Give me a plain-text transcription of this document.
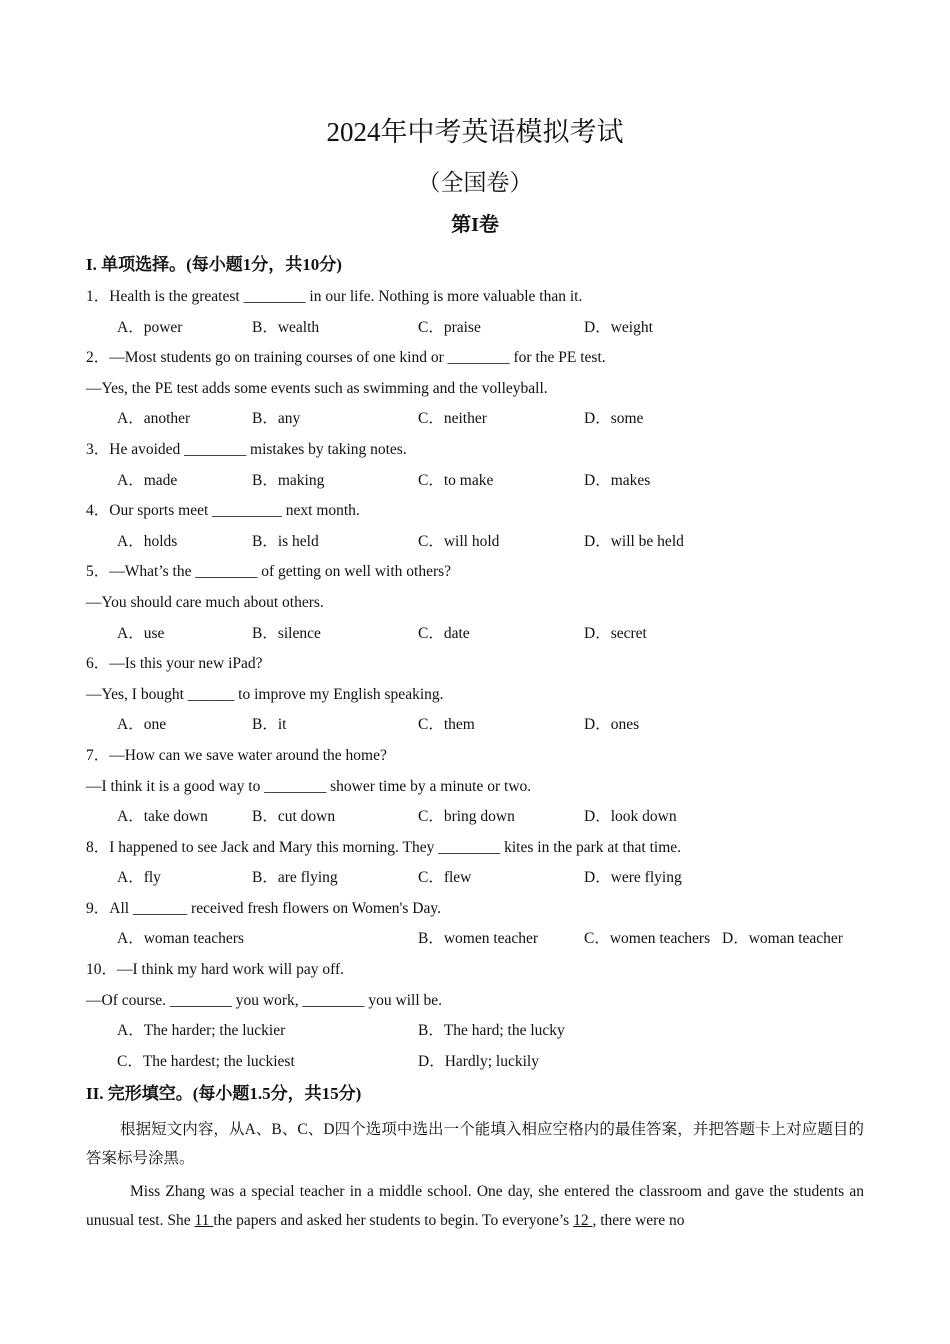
2024年中考英语模拟考试
（全国卷）
第I卷
I. 单项选择。(每小题1分，共10分)
1．Health is the greatest ________ in our life. Nothing is more valuable than it.
A．power	B．wealth	C．praise	D．weight
2．—Most students go on training courses of one kind or ________ for the PE test.
—Yes, the PE test adds some events such as swimming and the volleyball.
A．another	B．any	C．neither	D．some
3．He avoided ________ mistakes by taking notes.
A．made	B．making	C．to make	D．makes
4．Our sports meet _________ next month.
A．holds	B．is held	C．will hold	D．will be held
5．—What’s the ________ of getting on well with others?
—You should care much about others.
A．use	B．silence	C．date	D．secret
6．—Is this your new iPad?
—Yes, I bought ______ to improve my English speaking.
A．one	B．it	C．them	D．ones
7．—How can we save water around the home?
—I think it is a good way to ________ shower time by a minute or two.
A．take down	B．cut down	C．bring down	D．look down
8．I happened to see Jack and Mary this morning. They ________ kites in the park at that time.
A．fly	B．are flying	C．flew	D．were flying
9．All _______ received fresh flowers on Women's Day.
A．woman teachers	B．women teacher	C．women teachers D．woman teacher
10．—I think my hard work will pay off.
—Of course. ________ you work, ________ you will be.
A．The harder; the luckier	B．The hard; the lucky
C．The hardest; the luckiest	D．Hardly; luckily
II. 完形填空。(每小题1.5分，共15分)
根据短文内容，从A、B、C、D四个选项中选出一个能填入相应空格内的最佳答案，并把答题卡上对应题目的答案标号涂黑。
Miss Zhang was a special teacher in a middle school. One day, she entered the classroom and gave the students an unusual test. She 11 the papers and asked her students to begin. To everyone’s 12 , there were no
